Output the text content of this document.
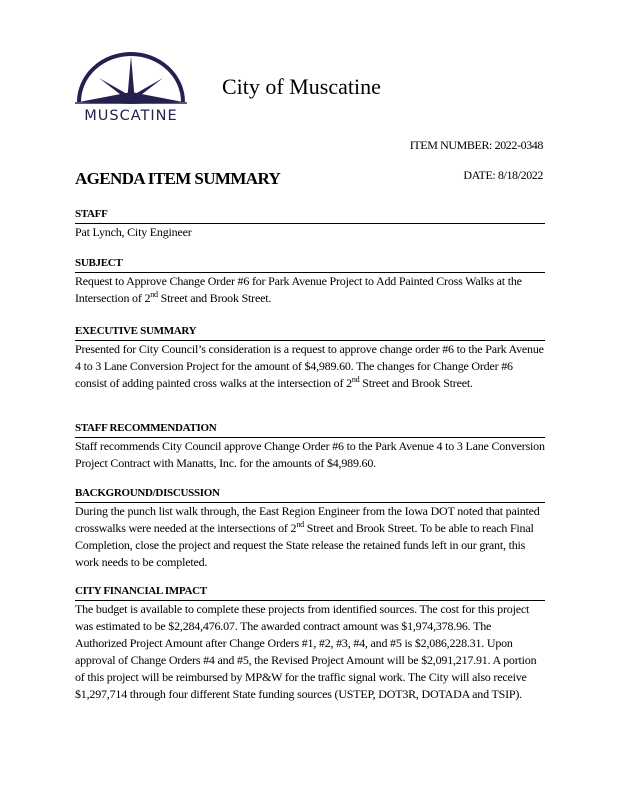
MUSCATINE
City of Muscatine
ITEM NUMBER: 2022-0348
AGENDA ITEM SUMMARY	DATE: 8/18/2022
STAFF

Pat Lynch, City Engineer

SUBJECT

Request to Approve Change Order #6 for Park Avenue Project to Add Painted Cross Walks at the Intersection of 2nd Street and Brook Street.

EXECUTIVE SUMMARY

Presented for City Council’s consideration is a request to approve change order #6 to the Park Avenue 4 to 3 Lane Conversion Project for the amount of $4,989.60. The changes for Change Order #6 consist of adding painted cross walks at the intersection of 2nd Street and Brook Street.

STAFF RECOMMENDATION

Staff recommends City Council approve Change Order #6 to the Park Avenue 4 to 3 Lane Conversion Project Contract with Manatts, Inc. for the amounts of $4,989.60.

BACKGROUND/DISCUSSION

During the punch list walk through, the East Region Engineer from the Iowa DOT noted that painted crosswalks were needed at the intersections of 2nd Street and Brook Street. To be able to reach Final Completion, close the project and request the State release the retained funds left in our grant, this work needs to be completed.

CITY FINANCIAL IMPACT

The budget is available to complete these projects from identified sources. The cost for this project was estimated to be $2,284,476.07. The awarded contract amount was $1,974,378.96. The Authorized Project Amount after Change Orders #1, #2, #3, #4, and #5 is $2,086,228.31. Upon approval of Change Orders #4 and #5, the Revised Project Amount will be $2,091,217.91. A portion of this project will be reimbursed by MP&W for the traffic signal work. The City will also receive $1,297,714 through four different State funding sources (USTEP, DOT3R, DOTADA and TSIP).
